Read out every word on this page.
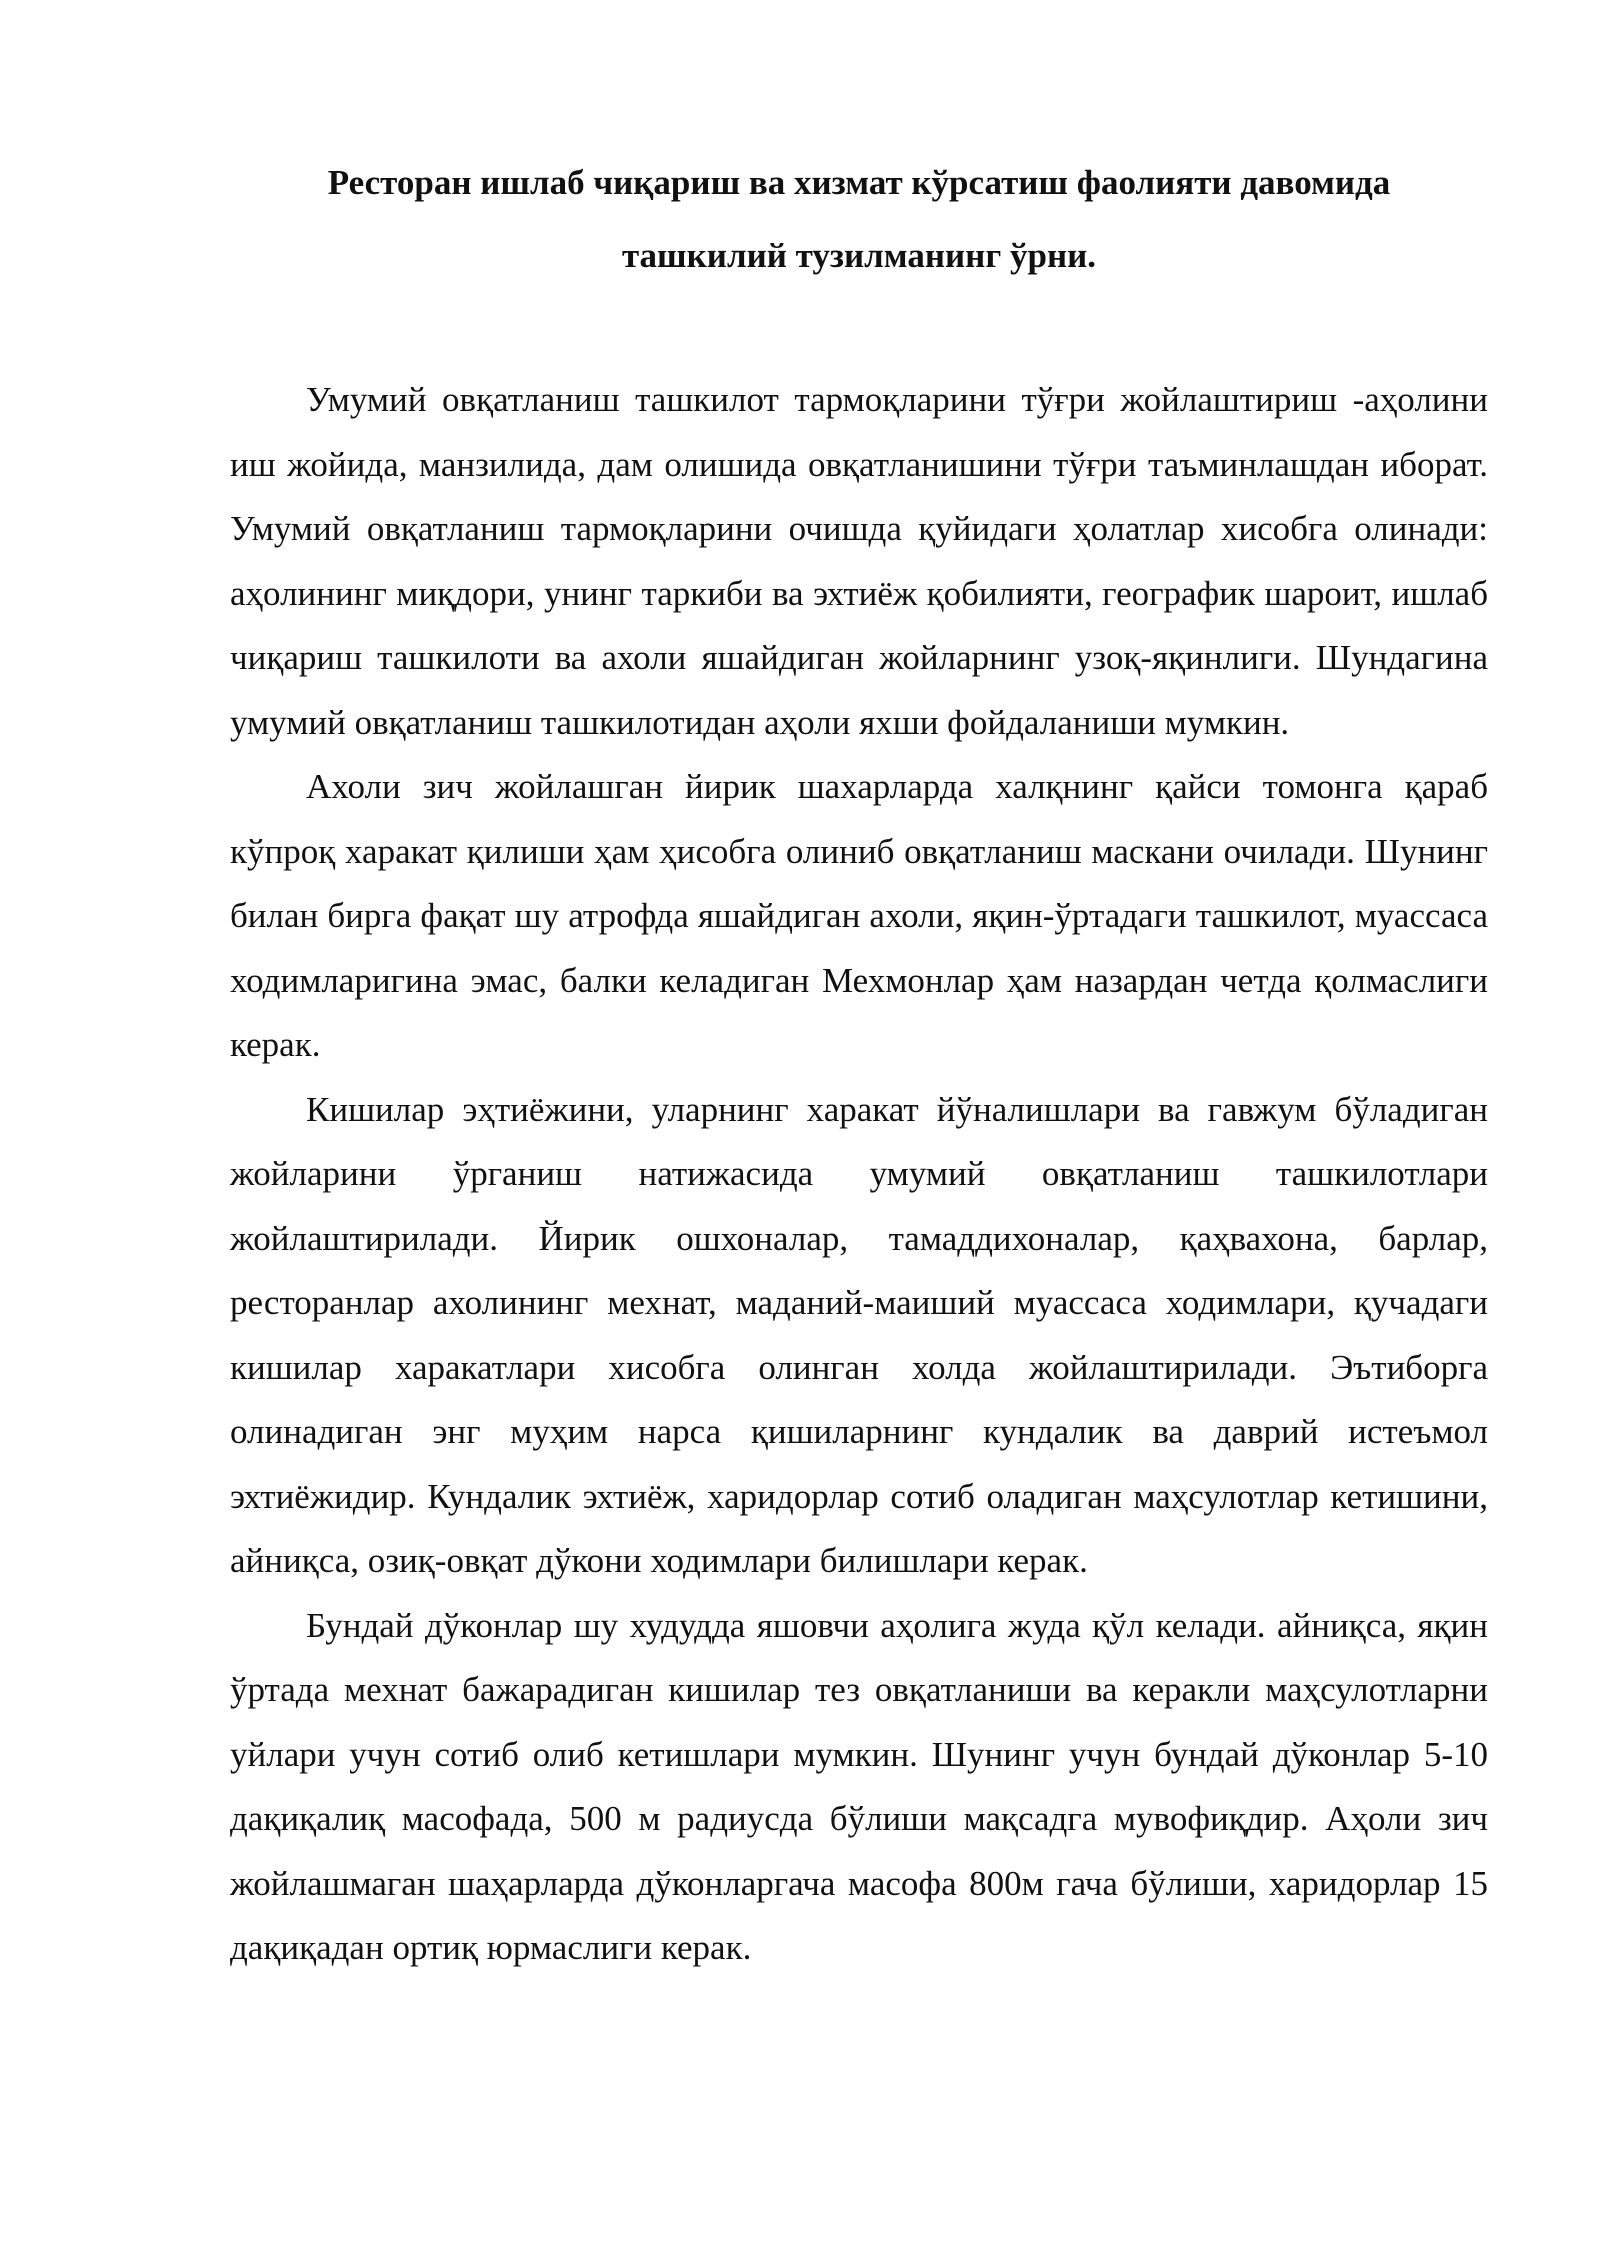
Ресторан ишлаб чиқариш ва хизмат кўрсатиш фаолияти давомида
ташкилий тузилманинг ўрни.

Умумий овқатланиш ташкилот тармоқларини тўғри жойлаштириш -аҳолини иш жойида, манзилида, дам олишида овқатланишини тўғри таъминлашдан иборат. Умумий овқатланиш тармоқларини очишда қуйидаги ҳолатлар хисобга олинади: аҳолининг миқдори, унинг таркиби ва эхтиёж қобилияти, географик шароит, ишлаб чиқариш ташкилоти ва ахоли яшайдиган жойларнинг узоқ-яқинлиги. Шундагина умумий овқатланиш ташкилотидан аҳоли яхши фойдаланиши мумкин.

Ахоли зич жойлашган йирик шахарларда халқнинг қайси томонга қараб кўпроқ харакат қилиши ҳам ҳисобга олиниб овқатланиш маскани очилади. Шунинг билан бирга фақат шу атрофда яшайдиган ахоли, яқин-ўртадаги ташкилот, муассаса ходимларигина эмас, балки келадиган Мехмонлар ҳам назардан четда қолмаслиги керак.

Кишилар эҳтиёжини, уларнинг харакат йўналишлари ва гавжум бўладиган жойларини ўрганиш натижасида умумий овқатланиш ташкилотлари жойлаштирилади. Йирик ошхоналар, тамаддихоналар, қаҳвахона, барлар, ресторанлар ахолининг мехнат, маданий-маиший муассаса ходимлари, қучадаги кишилар харакатлари хисобга олинган холда жойлаштирилади. Эътиборга олинадиган энг муҳим нарса қишиларнинг кундалик ва даврий истеъмол эхтиёжидир. Кундалик эхтиёж, харидорлар сотиб оладиган маҳсулотлар кетишини, айниқса, озиқ-овқат дўкони ходимлари билишлари керак.

Бундай дўконлар шу худудда яшовчи аҳолига жуда қўл келади. айниқса, яқин ўртада мехнат бажарадиган кишилар тез овқатланиши ва керакли маҳсулотларни уйлари учун сотиб олиб кетишлари мумкин. Шунинг учун бундай дўконлар 5-10 дақиқалиқ масофада, 500 м радиусда бўлиши мақсадга мувофиқдир. Аҳоли зич жойлашмаган шаҳарларда дўконларгача масофа 800м гача бўлиши, харидорлар 15 дақиқадан ортиқ юрмаслиги керак.
